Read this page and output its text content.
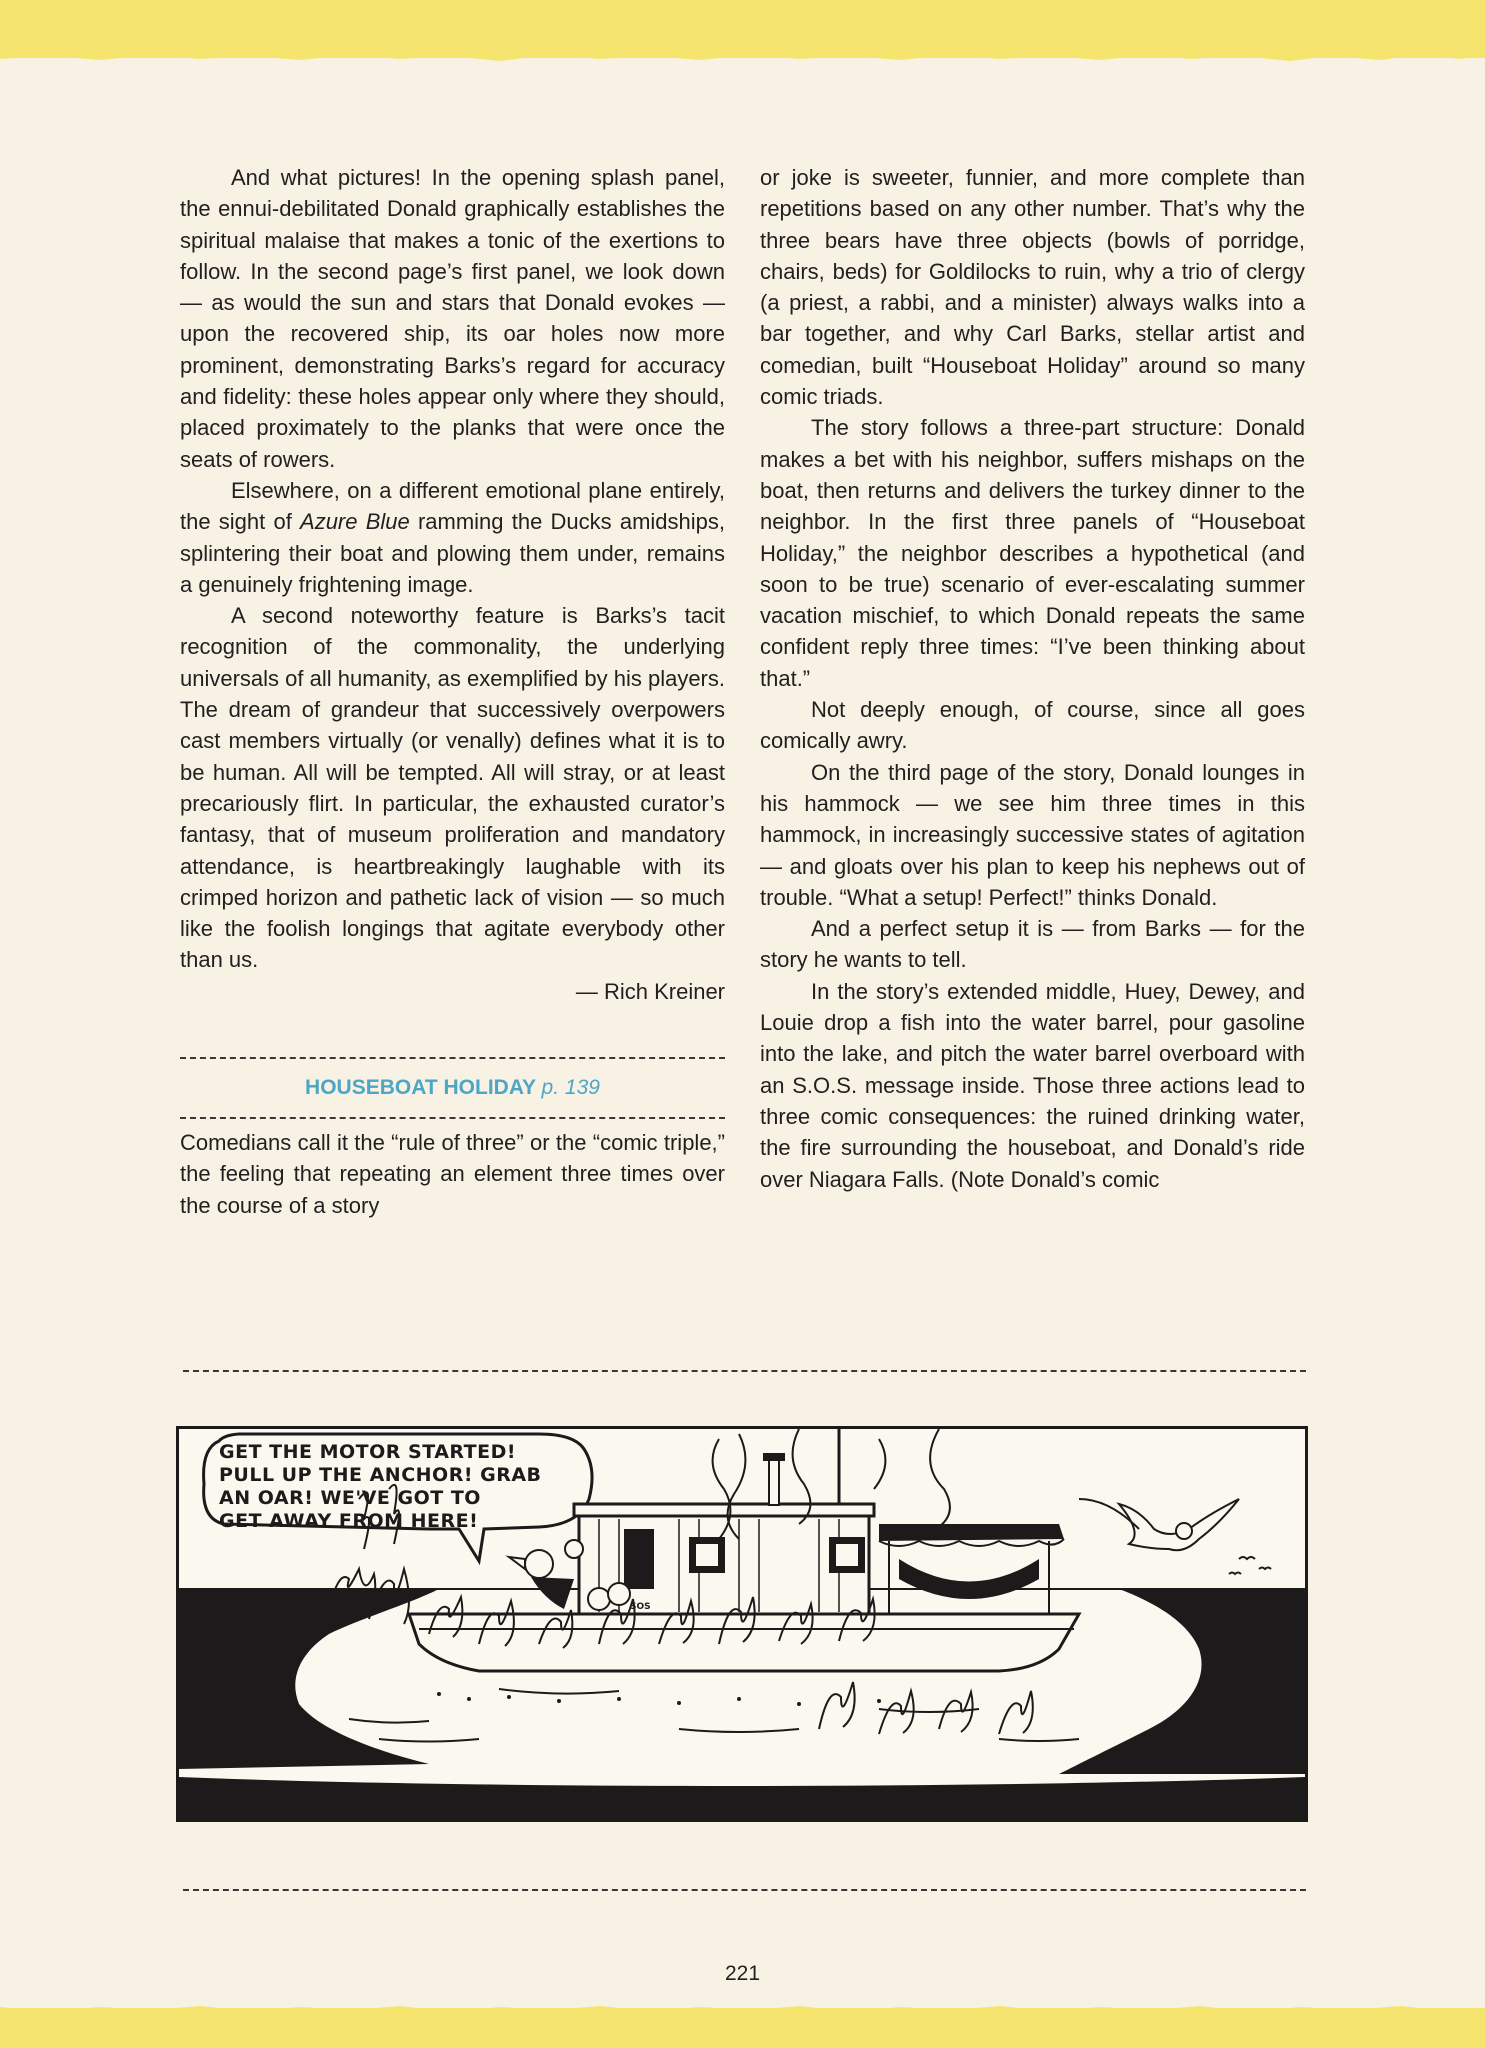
And what pictures! In the opening splash panel, the ennui-debilitated Donald graphically establishes the spiritual malaise that makes a tonic of the exertions to follow. In the second page’s first panel, we look down — as would the sun and stars that Donald evokes — upon the recovered ship, its oar holes now more prominent, demonstrating Barks’s regard for accuracy and fidelity: these holes appear only where they should, placed proximately to the planks that were once the seats of rowers.

Elsewhere, on a different emotional plane entirely, the sight of Azure Blue ramming the Ducks amidships, splintering their boat and plowing them under, remains a genuinely frightening image.

A second noteworthy feature is Barks’s tacit recognition of the commonality, the underlying universals of all humanity, as exemplified by his players. The dream of grandeur that successively overpowers cast members virtually (or venally) defines what it is to be human. All will be tempted. All will stray, or at least precariously flirt. In particular, the exhausted curator’s fantasy, that of museum proliferation and mandatory attendance, is heartbreakingly laughable with its crimped horizon and pathetic lack of vision — so much like the foolish longings that agitate everybody other than us.

— Rich Kreiner

HOUSEBOAT HOLIDAY p. 139

Comedians call it the “rule of three” or the “comic triple,” the feeling that repeating an element three times over the course of a story

or joke is sweeter, funnier, and more complete than repetitions based on any other number. That’s why the three bears have three objects (bowls of porridge, chairs, beds) for Goldilocks to ruin, why a trio of clergy (a priest, a rabbi, and a minister) always walks into a bar together, and why Carl Barks, stellar artist and comedian, built “Houseboat Holiday” around so many comic triads.

The story follows a three-part structure: Donald makes a bet with his neighbor, suffers mishaps on the boat, then returns and delivers the turkey dinner to the neighbor. In the first three panels of “Houseboat Holiday,” the neighbor describes a hypothetical (and soon to be true) scenario of ever-escalating summer vacation mischief, to which Donald repeats the same confident reply three times: “I’ve been thinking about that.”

Not deeply enough, of course, since all goes comically awry.

On the third page of the story, Donald lounges in his hammock — we see him three times in this hammock, in increasingly successive states of agitation — and gloats over his plan to keep his nephews out of trouble. “What a setup! Perfect!” thinks Donald.

And a perfect setup it is — from Barks — for the story he wants to tell.

In the story’s extended middle, Huey, Dewey, and Louie drop a fish into the water barrel, pour gasoline into the lake, and pitch the water barrel overboard with an S.O.S. message inside. Those three actions lead to three comic consequences: the ruined drinking water, the fire surrounding the houseboat, and Donald’s ride over Niagara Falls. (Note Donald’s comic

SOS
GET THE MOTOR STARTED!
PULL UP THE ANCHOR! GRAB
AN OAR! WE'VE GOT TO
GET AWAY FROM HERE!
221
